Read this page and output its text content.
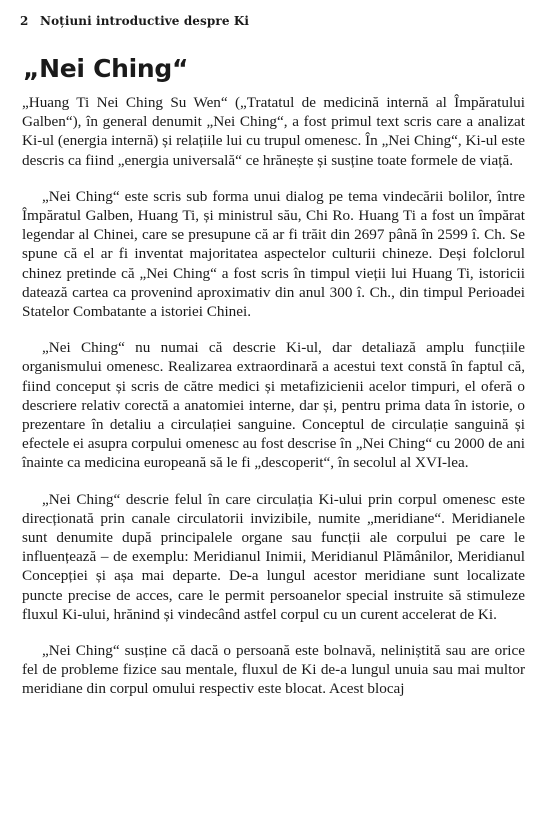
2 Noțiuni introductive despre Ki
„Nei Ching“

„Huang Ti Nei Ching Su Wen“ („Tratatul de medicină internă al Împăratului Galben“), în general denumit „Nei Ching“, a fost primul text scris care a analizat Ki-ul (energia internă) și relațiile lui cu trupul omenesc. În „Nei Ching“, Ki-ul este descris ca fiind „energia universală“ ce hrănește și susține toate formele de viață.

„Nei Ching“ este scris sub forma unui dialog pe tema vindecării bolilor, între Împăratul Galben, Huang Ti, și ministrul său, Chi Ro. Huang Ti a fost un împărat legendar al Chinei, care se presupune că ar fi trăit din 2697 până în 2599 î. Ch. Se spune că el ar fi inventat majoritatea aspectelor culturii chineze. Deși folclorul chinez pretinde că „Nei Ching“ a fost scris în timpul vieții lui Huang Ti, istoricii datează cartea ca provenind aproximativ din anul 300 î. Ch., din timpul Perioadei Statelor Combatante a istoriei Chinei.

„Nei Ching“ nu numai că descrie Ki-ul, dar detaliază amplu funcțiile organismului omenesc. Realizarea extraordinară a acestui text constă în faptul că, fiind conceput și scris de către medici și metafizicienii acelor timpuri, el oferă o descriere relativ corectă a anatomiei interne, dar și, pentru prima data în istorie, o prezentare în detaliu a circulației sanguine. Conceptul de circulație sanguină și efectele ei asupra corpului omenesc au fost descrise în „Nei Ching“ cu 2000 de ani înainte ca medicina europeană să le fi „descoperit“, în secolul al XVI-lea.

„Nei Ching“ descrie felul în care circulația Ki-ului prin corpul omenesc este direcționată prin canale circulatorii invizibile, numite „meridiane“. Meridianele sunt denumite după principalele organe sau funcții ale corpului pe care le influențează – de exemplu: Meridianul Inimii, Meridianul Plămânilor, Meridianul Concepției și așa mai departe. De-a lungul acestor meridiane sunt localizate puncte precise de acces, care le permit persoanelor special instruite să stimuleze fluxul Ki-ului, hrănind și vindecând astfel corpul cu un curent accelerat de Ki.

„Nei Ching“ susține că dacă o persoană este bolnavă, neliniștită sau are orice fel de probleme fizice sau mentale, fluxul de Ki de-a lungul unuia sau mai multor meridiane din corpul omului respectiv este blocat. Acest blocaj
